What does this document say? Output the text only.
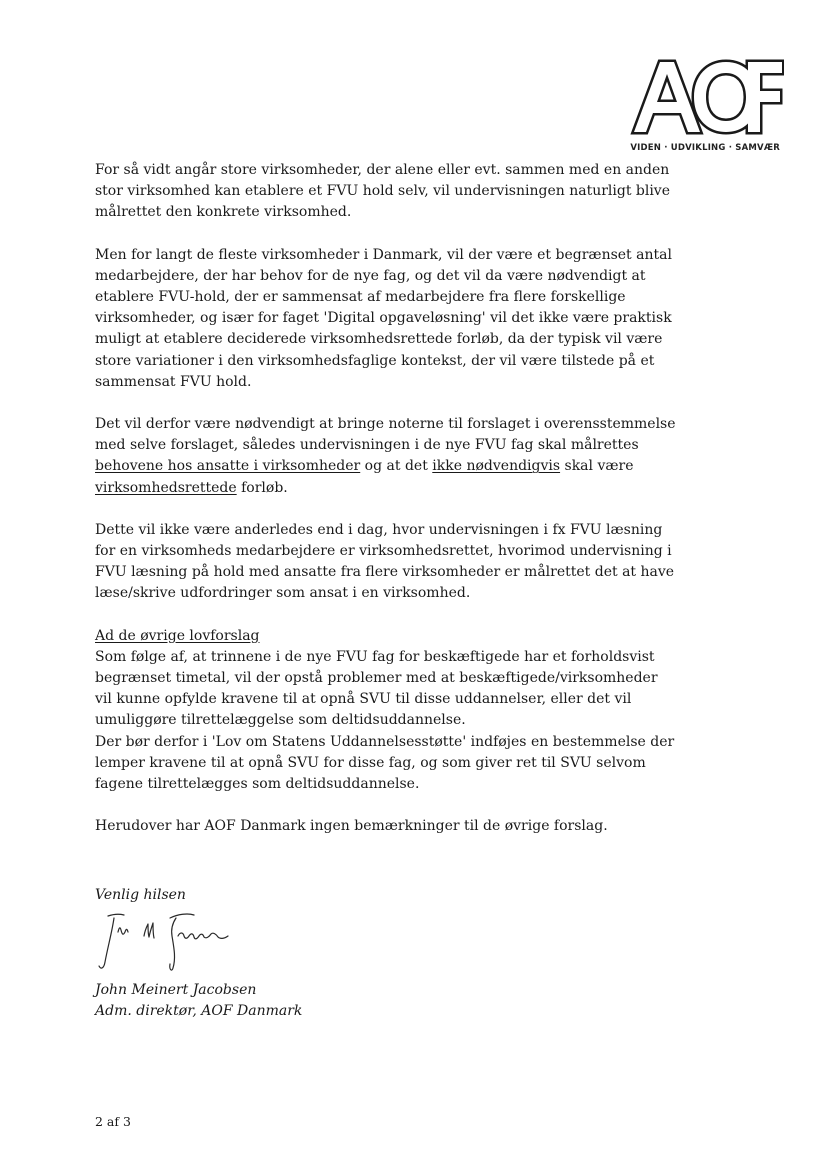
VIDEN · UDVIKLING · SAMVÆR

For så vidt angår store virksomheder, der alene eller evt. sammen med en anden
stor virksomhed kan etablere et FVU hold selv, vil undervisningen naturligt blive
målrettet den konkrete virksomhed.

Men for langt de fleste virksomheder i Danmark, vil der være et begrænset antal
medarbejdere, der har behov for de nye fag, og det vil da være nødvendigt at
etablere FVU-hold, der er sammensat af medarbejdere fra flere forskellige
virksomheder, og især for faget 'Digital opgaveløsning' vil det ikke være praktisk
muligt at etablere deciderede virksomhedsrettede forløb, da der typisk vil være
store variationer i den virksomhedsfaglige kontekst, der vil være tilstede på et
sammensat FVU hold.

Det vil derfor være nødvendigt at bringe noterne til forslaget i overensstemmelse
med selve forslaget, således undervisningen i de nye FVU fag skal målrettes
behovene hos ansatte i virksomheder og at det ikke nødvendigvis skal være
virksomhedsrettede forløb.

Dette vil ikke være anderledes end i dag, hvor undervisningen i fx FVU læsning
for en virksomheds medarbejdere er virksomhedsrettet, hvorimod undervisning i
FVU læsning på hold med ansatte fra flere virksomheder er målrettet det at have
læse/skrive udfordringer som ansat i en virksomhed.

Ad de øvrige lovforslag
Som følge af, at trinnene i de nye FVU fag for beskæftigede har et forholdsvist
begrænset timetal, vil der opstå problemer med at beskæftigede/virksomheder
vil kunne opfylde kravene til at opnå SVU til disse uddannelser, eller det vil
umuliggøre tilrettelæggelse som deltidsuddannelse.
Der bør derfor i 'Lov om Statens Uddannelsesstøtte' indføjes en bestemmelse der
lemper kravene til at opnå SVU for disse fag, og som giver ret til SVU selvom
fagene tilrettelægges som deltidsuddannelse.

Herudover har AOF Danmark ingen bemærkninger til de øvrige forslag.

Venlig hilsen
John Meinert Jacobsen
Adm. direktør, AOF Danmark
2 af 3
